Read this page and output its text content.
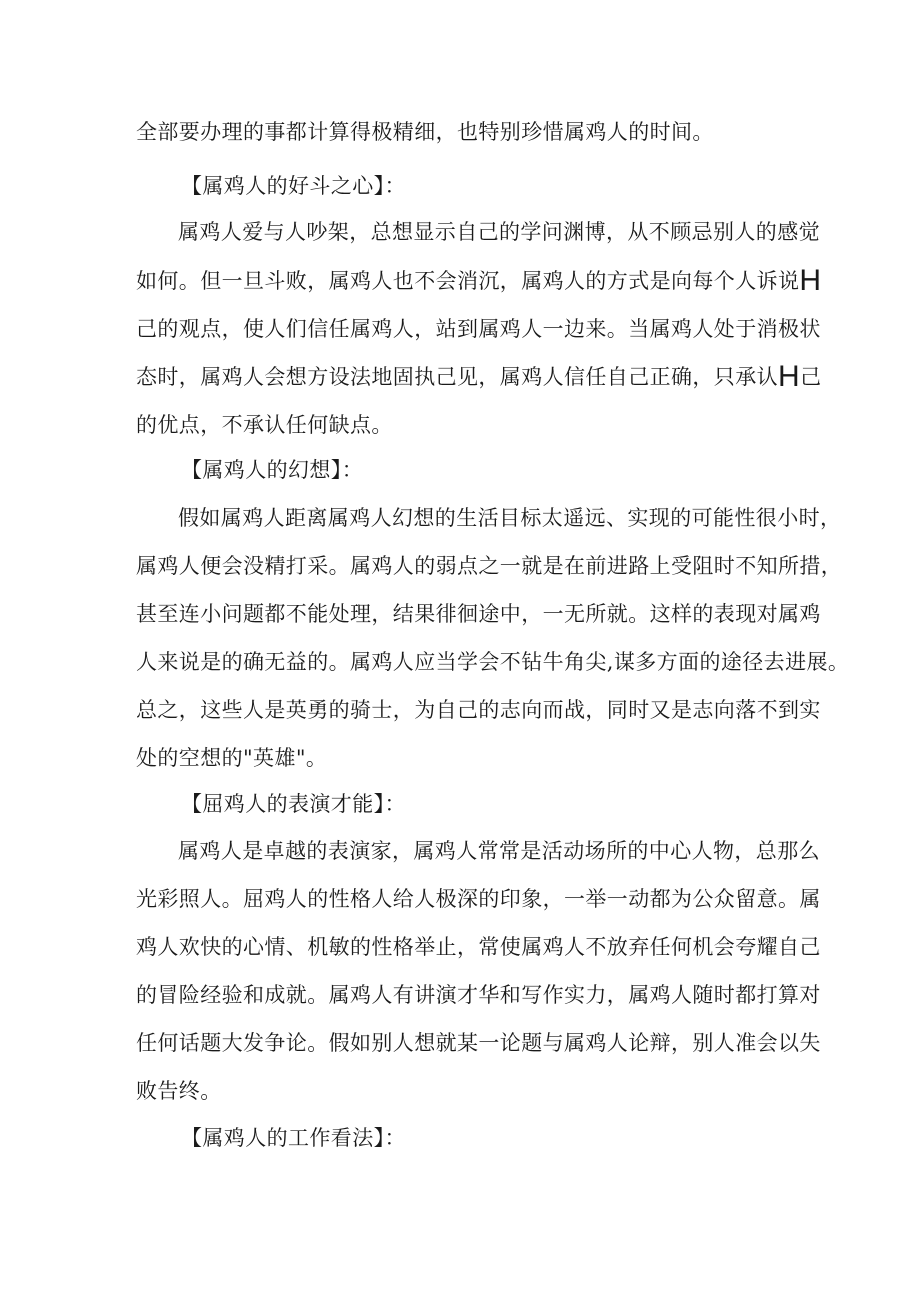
全部要办理的事都计算得极精细，也特别珍惜属鸡人的时间。
【属鸡人的好斗之心】：
属鸡人爱与人吵架，总想显示自己的学问渊博，从不顾忌别人的感觉
如何。但一旦斗败，属鸡人也不会消沉，属鸡人的方式是向每个人诉说H
己的观点，使人们信任属鸡人，站到属鸡人一边来。当属鸡人处于消极状
态时，属鸡人会想方设法地固执己见，属鸡人信任自己正确，只承认H己
的优点，不承认任何缺点。
【属鸡人的幻想】：
假如属鸡人距离属鸡人幻想的生活目标太遥远、实现的可能性很小时，
属鸡人便会没精打采。属鸡人的弱点之一就是在前进路上受阻时不知所措，
甚至连小问题都不能处理，结果徘徊途中，一无所就。这样的表现对属鸡
人来说是的确无益的。属鸡人应当学会不钻牛角尖,谋多方面的途径去进展。
总之，这些人是英勇的骑士，为自己的志向而战，同时又是志向落不到实
处的空想的"英雄"。
【屈鸡人的表演才能】：
属鸡人是卓越的表演家，属鸡人常常是活动场所的中心人物，总那么
光彩照人。屈鸡人的性格人给人极深的印象，一举一动都为公众留意。属
鸡人欢快的心情、机敏的性格举止，常使属鸡人不放弃任何机会夸耀自己
的冒险经验和成就。属鸡人有讲演才华和写作实力，属鸡人随时都打算对
任何话题大发争论。假如别人想就某一论题与属鸡人论辩，别人准会以失
败告终。
【属鸡人的工作看法】：
